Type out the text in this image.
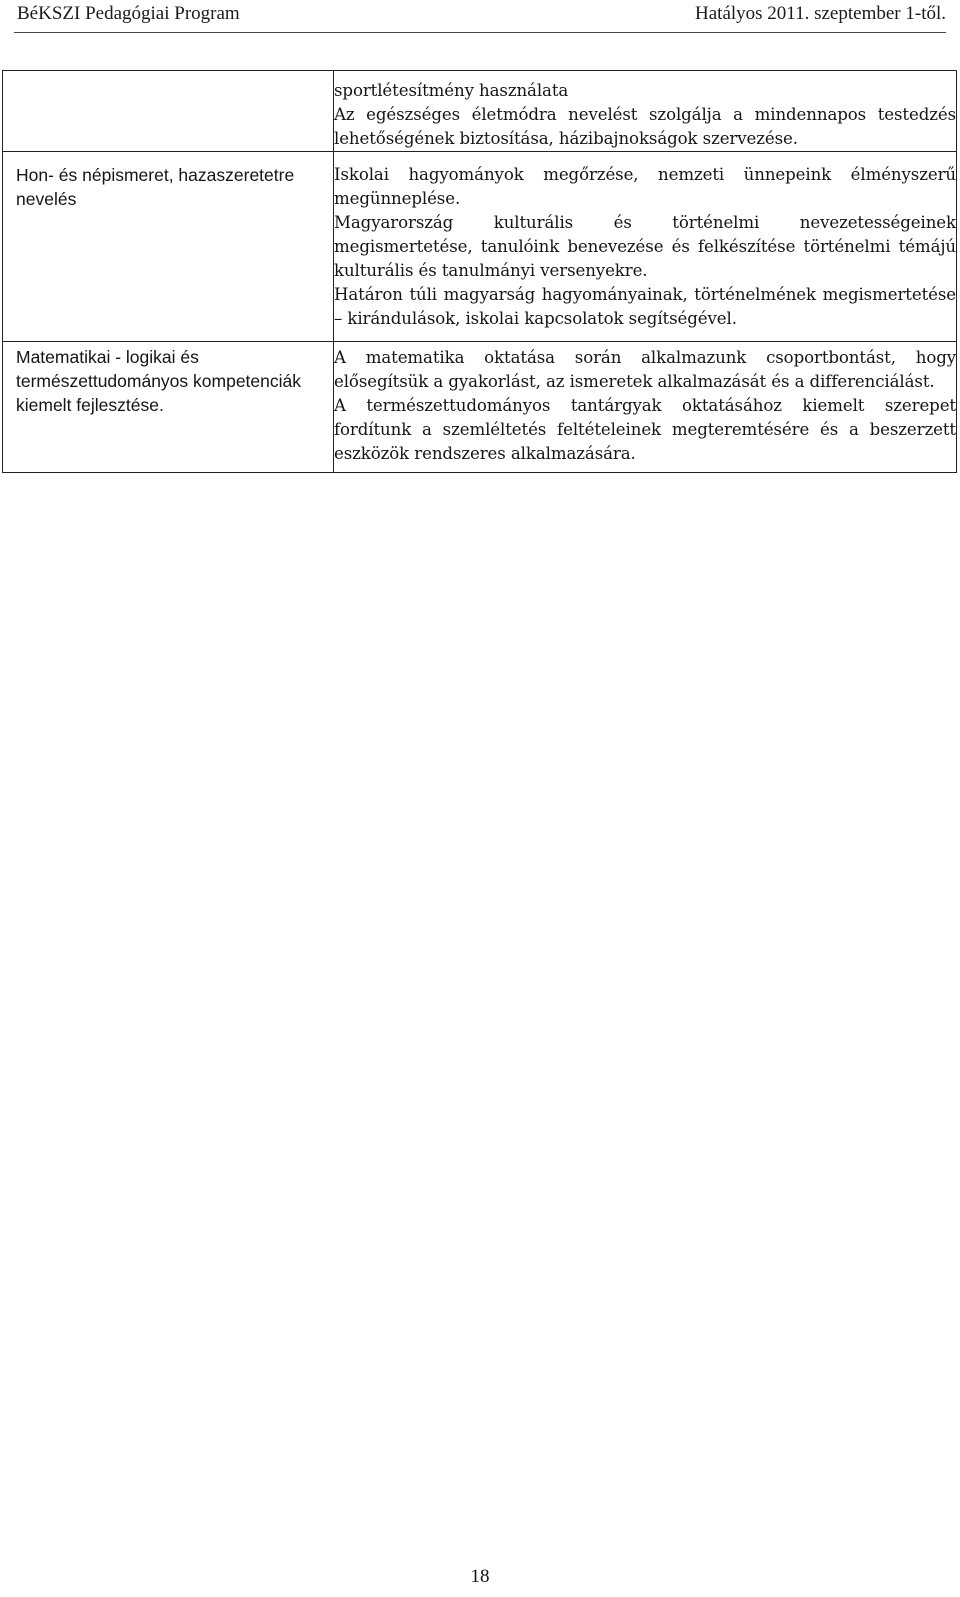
BéKSZI Pedagógiai Program	Hatályos 2011. szeptember 1-től.

	sportlétesítmény használata

Az egészséges életmódra nevelést szolgálja a mindennapos testedzés lehetőségének biztosítása, házibajnokságok szervezése.

Hon- és népismeret, hazaszeretetre nevelés	Iskolai hagyományok megőrzése, nemzeti ünnepeink élményszerű megünneplése.

Magyarország kulturális és történelmi nevezetességeinek megismertetése, tanulóink benevezése és felkészítése történelmi témájú kulturális és tanulmányi versenyekre.

Határon túli magyarság hagyományainak, történelmének megismertetése – kirándulások, iskolai kapcsolatok segítségével.

Matematikai - logikai és természettudományos kompetenciák kiemelt fejlesztése.	A matematika oktatása során alkalmazunk csoportbontást, hogy elősegítsük a gyakorlást, az ismeretek alkalmazását és a differenciálást.

A természettudományos tantárgyak oktatásához kiemelt szerepet fordítunk a szemléltetés feltételeinek megteremtésére és a beszerzett eszközök rendszeres alkalmazására.

18
